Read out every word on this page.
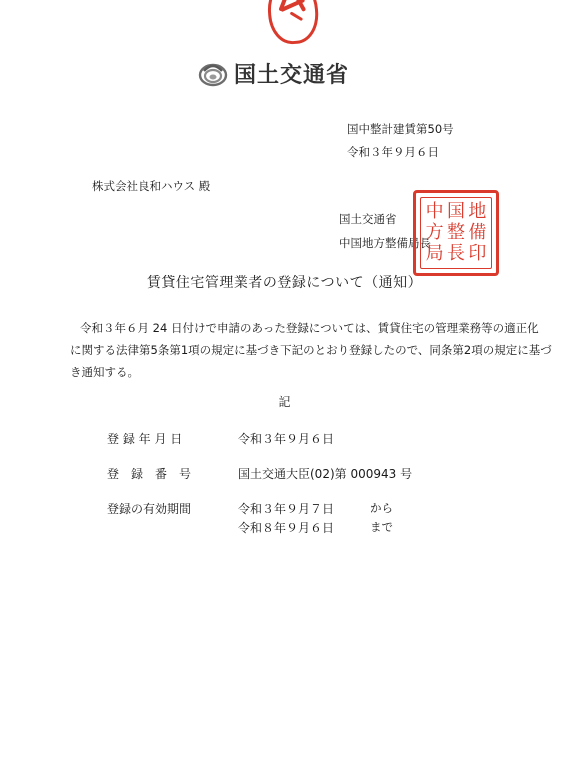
国土交通省
国中整計建賃第50号
令和３年９月６日
株式会社良和ハウス 殿
国土交通省
中国地方整備局長
中 国 地
方 整 備
局 長 印
賃貸住宅管理業者の登録について（通知）
令和３年６月 24 日付けで申請のあった登録については、賃貸住宅の管理業務等の適正化
に関する法律第5条第1項の規定に基づき下記のとおり登録したので、同条第2項の規定に基づ
き通知する。
記
登 録 年 月 日	令和３年９月６日
登　録　番　号	国土交通大臣(02)第 000943 号
登録の有効期間	令和３年９月７日	から
令和８年９月６日	まで
